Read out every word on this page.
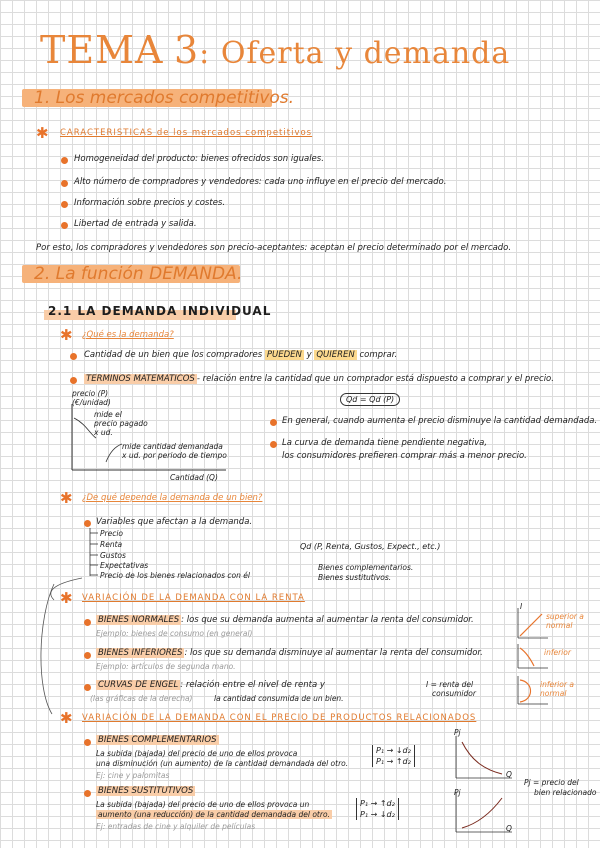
TEMA 3: Oferta y demanda
1. Los mercados competitivos.
✱ CARACTERISTICAS de los mercados competitivos
Homogeneidad del producto: bienes ofrecidos son iguales.
Alto número de compradores y vendedores: cada uno influye en el precio del mercado.
Información sobre precios y costes.
Libertad de entrada y salida.
Por esto, los compradores y vendedores son precio-aceptantes: aceptan el precio determinado por el mercado.
2. La función DEMANDA.
2.1 LA DEMANDA INDIVIDUAL
✱ ¿Qué es la demanda?
Cantidad de un bien que los compradores PUEDEN y QUIEREN comprar.
TERMINOS MATEMATICOS - relación entre la cantidad que un comprador está dispuesto a comprar y el precio.
Qd = Qd (P)
precio (P)
(€/unidad)
mide el
precio pagado
x ud.
mide cantidad demandada
x ud. por periodo de tiempo
Cantidad (Q)
En general, cuando aumenta el precio disminuye la cantidad demandada.
La curva de demanda tiene pendiente negativa,
los consumidores prefieren comprar más a menor precio.
✱ ¿De qué depende la demanda de un bien?
Variables que afectan a la demanda.
Precio
Renta
Gustos
Expectativas
Precio de los bienes relacionados con él
Bienes complementarios.
Bienes sustitutivos.
Qd (P, Renta, Gustos, Expect., etc.)
✱ VARIACIÓN DE LA DEMANDA CON LA RENTA
BIENES NORMALES : los que su demanda aumenta al aumentar la renta del consumidor.
Ejemplo: bienes de consumo (en general)
BIENES INFERIORES : los que su demanda disminuye al aumentar la renta del consumidor.
Ejemplo: artículos de segunda mano.
CURVAS DE ENGEL : relación entre el nivel de renta y
(las gráficas de la derecha)	la cantidad consumida de un bien.
I = renta del
consumidor
I
superior a normal
inferior
inferior a normal
✱ VARIACIÓN DE LA DEMANDA CON EL PRECIO DE PRODUCTOS RELACIONADOS
BIENES COMPLEMENTARIOS
La subida (bajada) del precio de uno de ellos provoca
una disminución (un aumento) de la cantidad demandada del otro.
Ej: cine y palomitas
P₁ → ↓d₂
P₁ → ↑d₂
BIENES SUSTITUTIVOS
La subida (bajada) del precio de uno de ellos provoca un
aumento (una reducción) de la cantidad demandada del otro.
Ej: entradas de cine y alquiler de películas
P₁ → ↑d₂
P₁ → ↓d₂
Pj
Q
Pj
Q
Pj = precio del
bien relacionado
